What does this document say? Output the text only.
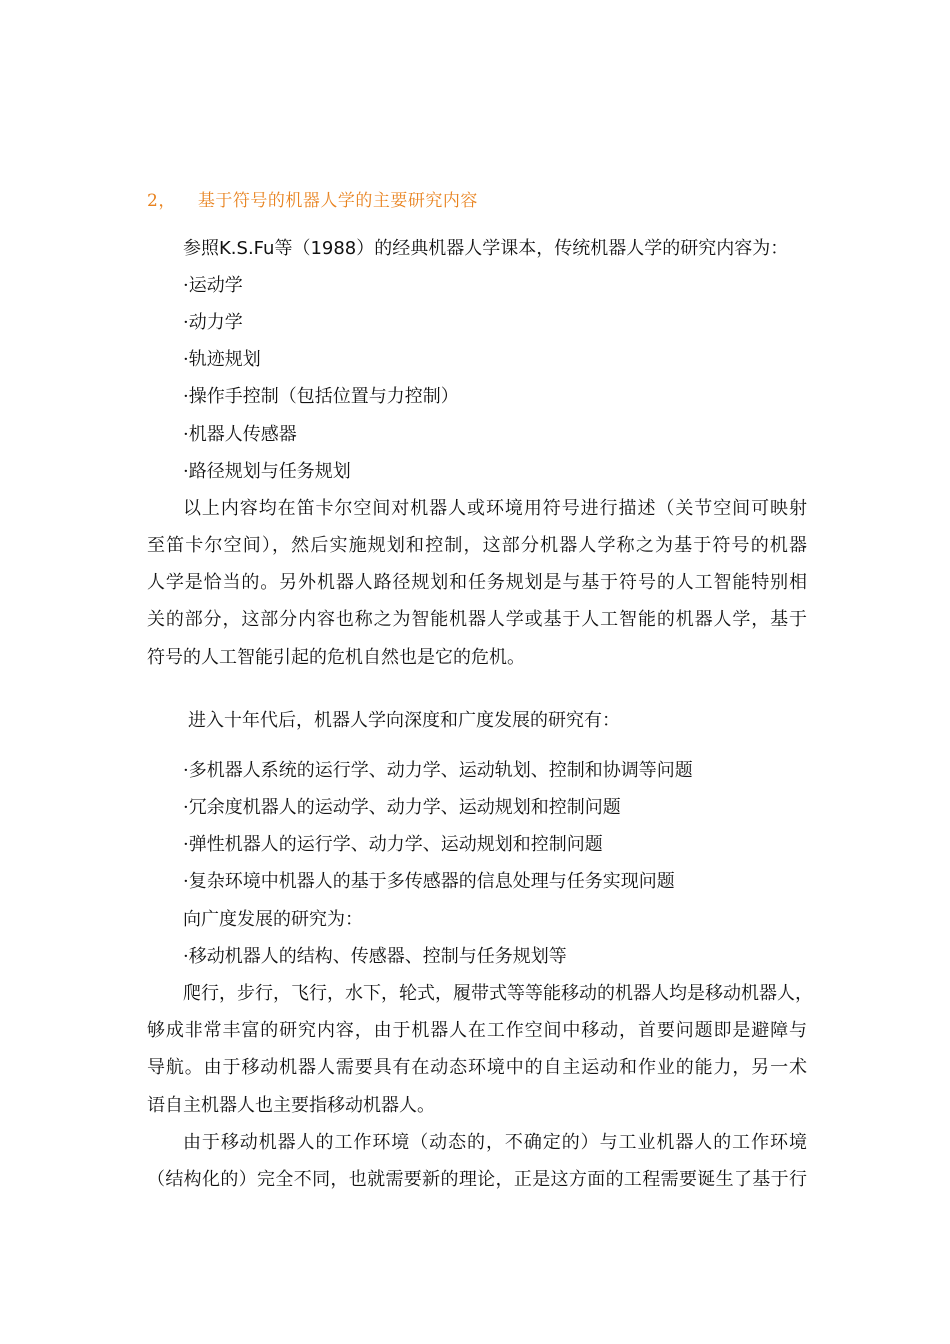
2， 基于符号的机器人学的主要研究内容
参照K.S.Fu等（1988）的经典机器人学课本，传统机器人学的研究内容为：
·运动学
·动力学
·轨迹规划
·操作手控制（包括位置与力控制）
·机器人传感器
·路径规划与任务规划
以上内容均在笛卡尔空间对机器人或环境用符号进行描述（关节空间可映射
至笛卡尔空间），然后实施规划和控制，这部分机器人学称之为基于符号的机器
人学是恰当的。另外机器人路径规划和任务规划是与基于符号的人工智能特别相
关的部分，这部分内容也称之为智能机器人学或基于人工智能的机器人学，基于
符号的人工智能引起的危机自然也是它的危机。
进入十年代后，机器人学向深度和广度发展的研究有：
·多机器人系统的运行学、动力学、运动轨划、控制和协调等问题
·冗余度机器人的运动学、动力学、运动规划和控制问题
·弹性机器人的运行学、动力学、运动规划和控制问题
·复杂环境中机器人的基于多传感器的信息处理与任务实现问题
向广度发展的研究为：
·移动机器人的结构、传感器、控制与任务规划等
爬行，步行，飞行，水下，轮式，履带式等等能移动的机器人均是移动机器人，
够成非常丰富的研究内容，由于机器人在工作空间中移动，首要问题即是避障与
导航。由于移动机器人需要具有在动态环境中的自主运动和作业的能力，另一术
语自主机器人也主要指移动机器人。
由于移动机器人的工作环境（动态的，不确定的）与工业机器人的工作环境
（结构化的）完全不同，也就需要新的理论，正是这方面的工程需要诞生了基于行
